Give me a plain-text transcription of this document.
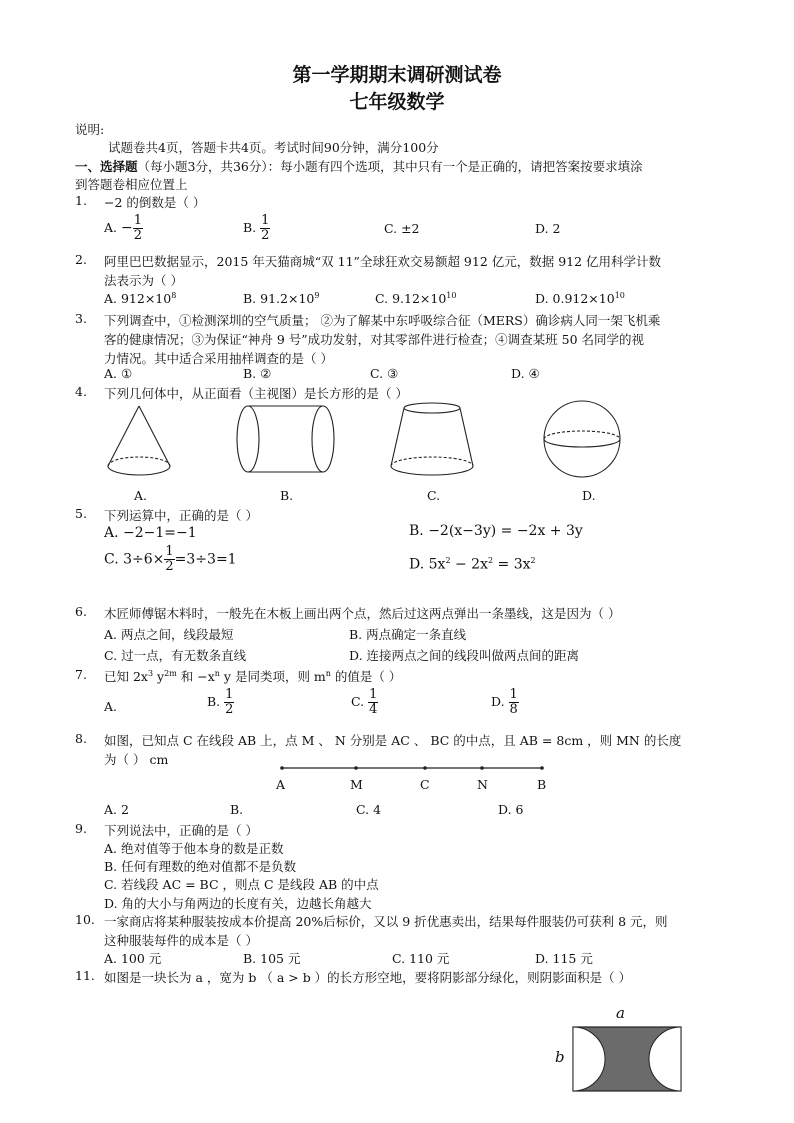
第一学期期末调研测试卷
七年级数学
说明:
试题卷共4页，答题卡共4页。考试时间90分钟，满分100分
一、选择题（每小题3分，共36分）：每小题有四个选项，其中只有一个是正确的，请把答案按要求填涂
到答题卷相应位置上
1. −2 的倒数是（ ）
A. − $\frac{1}{2}$	B. $\frac{1}{2}$	C. ±2	D. 2
2. 阿里巴巴数据显示，2015 年天猫商城“双 11”全球狂欢交易额超 912 亿元，数据 912 亿用科学计数
法表示为（ ）
A. $912\times 10^8$	B. $91.2\times 10^9$	C. $9.12\times 10^{10}$	D. $0.912\times 10^{10}$
3. 下列调查中，①检测深圳的空气质量； ②为了解某中东呼吸综合征（MERS）确诊病人同一架飞机乘
客的健康情况；③为保证“神舟 9 号”成功发射，对其零部件进行检查；④调查某班 50 名同学的视
力情况。其中适合采用抽样调查的是（ ）
A. ①	B. ②	C. ③	D. ④
4. 下列几何体中，从正面看（主视图）是长方形的是（ ）
A.	B.	C.	D.
5. 下列运算中，正确的是（ ）
A. −2−1=−1	B. −2(x−3y) = −2x + 3y
C. $3\div 6\times \frac{1}{2} =3\div 3=1$	D. $5x^2 - 2x^2 = 3x^2$
6. 木匠师傅锯木料时，一般先在木板上画出两个点，然后过这两点弹出一条墨线，这是因为（ ）
A. 两点之间，线段最短	B. 两点确定一条直线
C. 过一点，有无数条直线	D. 连接两点之间的线段叫做两点间的距离
7. 已知 $2x^3$ $y^{2m}$ 和 $-x^n$ y 是同类项，则 $m^n$ 的值是（ ）
A.	B. $\frac{1}{2}$	C. $\frac{1}{4}$	D. $\frac{1}{8}$
8. 如图，已知点 C 在线段 AB 上，点 M 、 N 分别是 AC 、 BC 的中点，且 AB = 8cm ，则 MN 的长度
为（ ） cm
A	M	C	N	B
A. 2	B.	C. 4	D. 6
9. 下列说法中，正确的是（ ）
A. 绝对值等于他本身的数是正数
B. 任何有理数的绝对值都不是负数
C. 若线段 AC = BC ，则点 C 是线段 AB 的中点
D. 角的大小与角两边的长度有关，边越长角越大
10. 一家商店将某种服装按成本价提高 20%后标价，又以 9 折优惠卖出，结果每件服装仍可获利 8 元，则
这种服装每件的成本是（ ）
A. 100 元	B. 105 元	C. 110 元	D. 115 元
11. 如图是一块长为 a ，宽为 b （ a > b ）的长方形空地，要将阴影部分绿化，则阴影面积是（ ）
a
b
